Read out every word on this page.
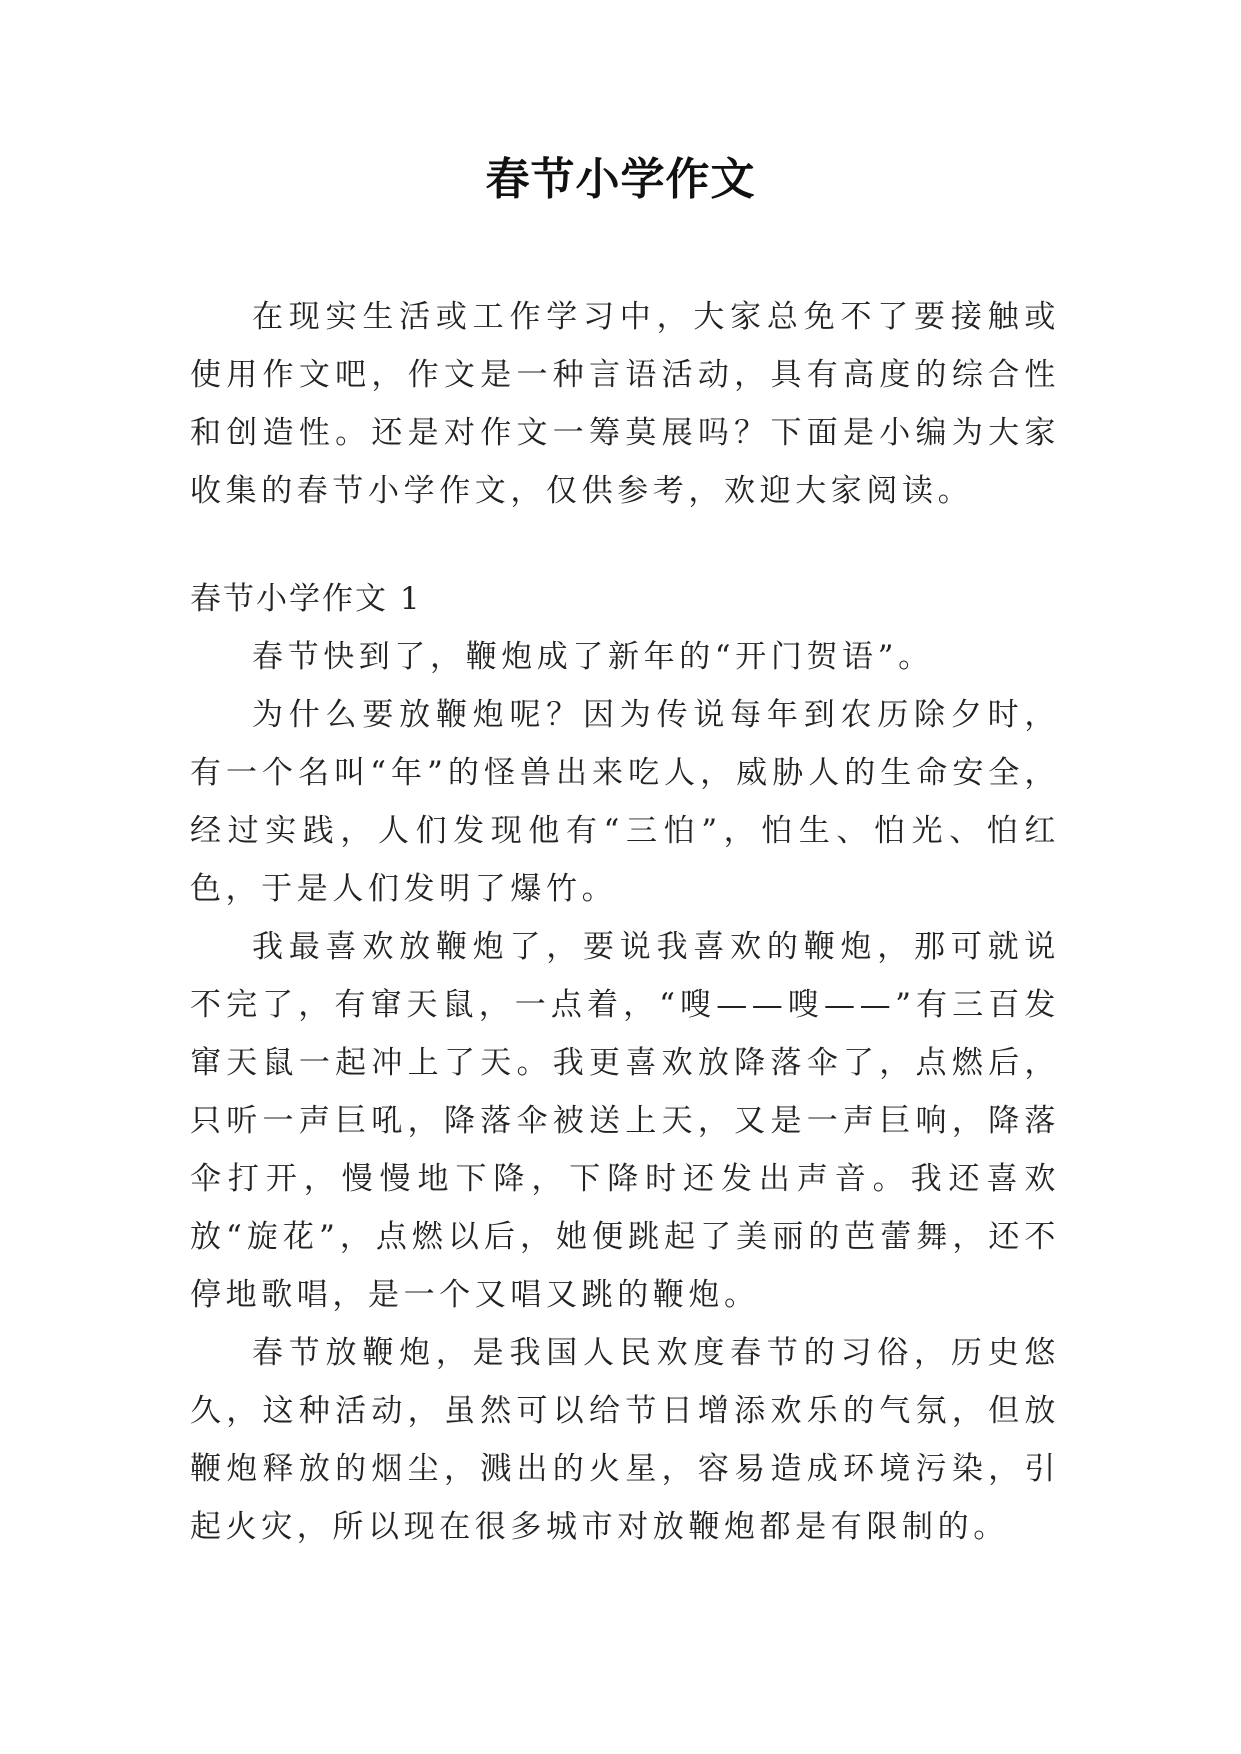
春节小学作文

在现实生活或工作学习中，大家总免不了要接触或使用作文吧，作文是一种言语活动，具有高度的综合性和创造性。还是对作文一筹莫展吗？下面是小编为大家收集的春节小学作文，仅供参考，欢迎大家阅读。

春节小学作文 1

春节快到了，鞭炮成了新年的“开门贺语”。

为什么要放鞭炮呢？因为传说每年到农历除夕时，有一个名叫“年”的怪兽出来吃人，威胁人的生命安全，经过实践，人们发现他有“三怕”，怕生、怕光、怕红色，于是人们发明了爆竹。

我最喜欢放鞭炮了，要说我喜欢的鞭炮，那可就说不完了，有窜天鼠，一点着，“嗖——嗖——”有三百发窜天鼠一起冲上了天。我更喜欢放降落伞了，点燃后，只听一声巨吼，降落伞被送上天，又是一声巨响，降落伞打开，慢慢地下降，下降时还发出声音。我还喜欢放“旋花”，点燃以后，她便跳起了美丽的芭蕾舞，还不停地歌唱，是一个又唱又跳的鞭炮。

春节放鞭炮，是我国人民欢度春节的习俗，历史悠久，这种活动，虽然可以给节日增添欢乐的气氛，但放鞭炮释放的烟尘，溅出的火星，容易造成环境污染，引起火灾，所以现在很多城市对放鞭炮都是有限制的。
